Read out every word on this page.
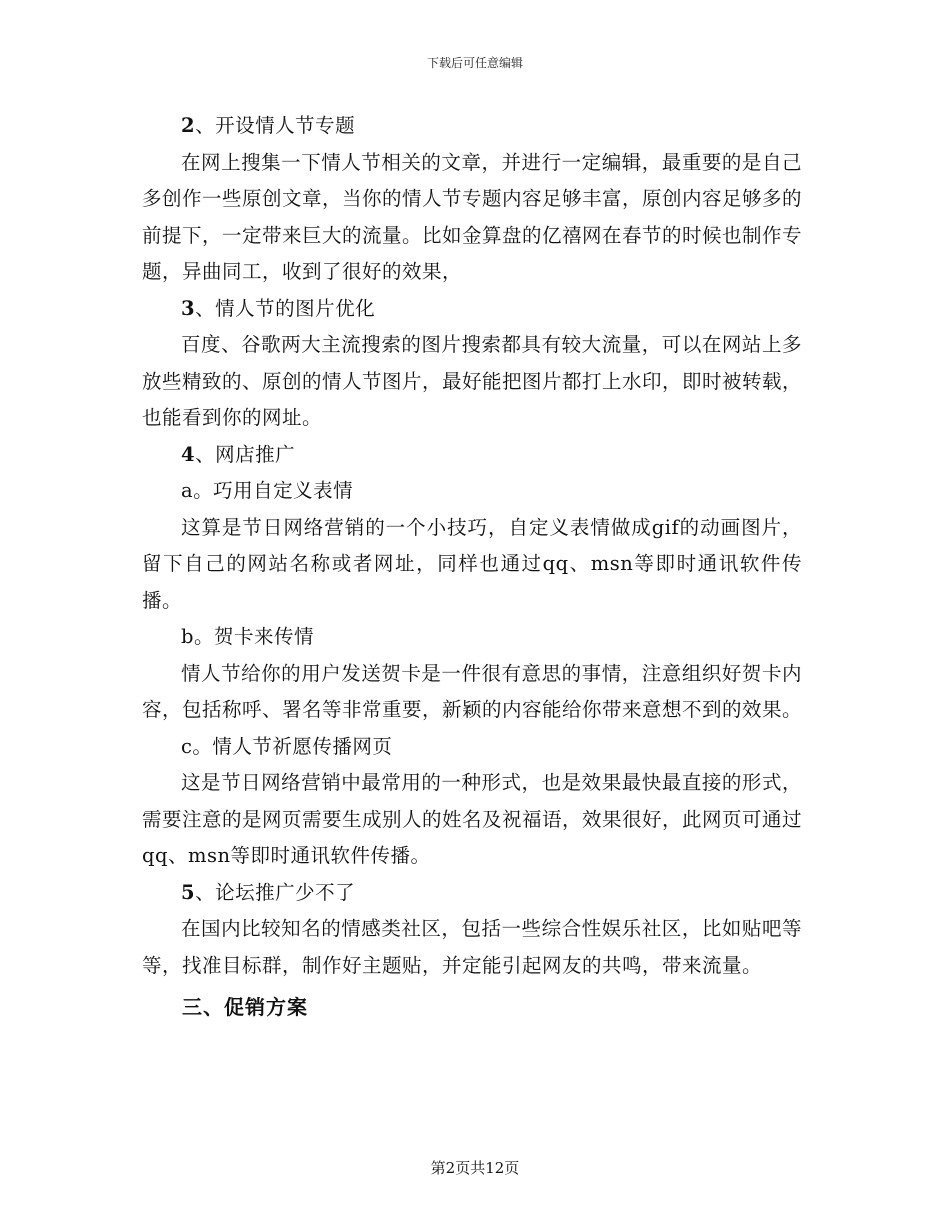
下载后可任意编辑

2、开设情人节专题

在网上搜集一下情人节相关的文章，并进行一定编辑，最重要的是自己多创作一些原创文章，当你的情人节专题内容足够丰富，原创内容足够多的前提下，一定带来巨大的流量。比如金算盘的亿禧网在春节的时候也制作专题，异曲同工，收到了很好的效果，

3、情人节的图片优化

百度、谷歌两大主流搜索的图片搜索都具有较大流量，可以在网站上多放些精致的、原创的情人节图片，最好能把图片都打上水印，即时被转载，也能看到你的网址。

4、网店推广

a。巧用自定义表情

这算是节日网络营销的一个小技巧，自定义表情做成gif的动画图片，留下自己的网站名称或者网址，同样也通过qq、msn等即时通讯软件传播。

b。贺卡来传情

情人节给你的用户发送贺卡是一件很有意思的事情，注意组织好贺卡内容，包括称呼、署名等非常重要，新颖的内容能给你带来意想不到的效果。

c。情人节祈愿传播网页

这是节日网络营销中最常用的一种形式，也是效果最快最直接的形式，需要注意的是网页需要生成别人的姓名及祝福语，效果很好，此网页可通过qq、msn等即时通讯软件传播。

5、论坛推广少不了

在国内比较知名的情感类社区，包括一些综合性娱乐社区，比如贴吧等等，找准目标群，制作好主题贴，并定能引起网友的共鸣，带来流量。

三、促销方案

第2页共12页
